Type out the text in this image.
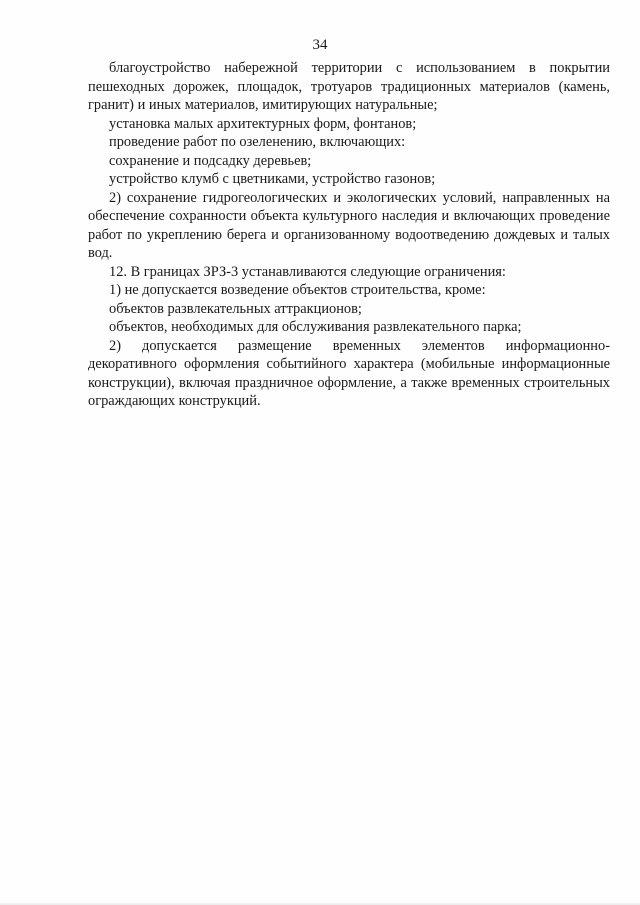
34

благоустройство набережной территории с использованием в покрытии пешеходных дорожек, площадок, тротуаров традиционных материалов (камень, гранит) и иных материалов, имитирующих натуральные;

установка малых архитектурных форм, фонтанов;

проведение работ по озеленению, включающих:

сохранение и подсадку деревьев;

устройство клумб с цветниками, устройство газонов;

2) сохранение гидрогеологических и экологических условий, направленных на обеспечение сохранности объекта культурного наследия и включающих проведение работ по укреплению берега и организованному водоотведению дождевых и талых вод.

12. В границах ЗРЗ-3 устанавливаются следующие ограничения:

1) не допускается возведение объектов строительства, кроме:

объектов развлекательных аттракционов;

объектов, необходимых для обслуживания развлекательного парка;

2) допускается размещение временных элементов информационно-декоративного оформления событийного характера (мобильные информационные конструкции), включая праздничное оформление, а также временных строительных ограждающих конструкций.
